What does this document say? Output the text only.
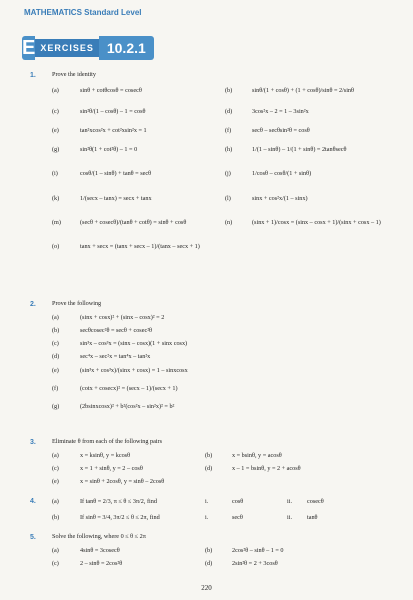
MATHEMATICS Standard Level
E XERCISES 10.2.1
1.	Prove the identity
(a)	sinθ + cotθcosθ = cosecθ	(b)	sinθ/(1 + cosθ) + (1 + cosθ)/sinθ = 2/sinθ
(c)	sin²θ/(1 – cosθ) – 1 = cosθ	(d)	3cos²x – 2 = 1 – 3sin²x
(e)	tan²xcos²x + cot²xsin²x = 1	(f)	secθ – secθsin²θ = cosθ
(g)	sin²θ(1 + cot²θ) – 1 = 0	(h)	1/(1 – sinθ) – 1/(1 + sinθ) = 2tanθsecθ
(i)	cosθ/(1 – sinθ) + tanθ = secθ	(j)	1/cosθ – cosθ/(1 + sinθ)
(k)	1/(secx – tanx) = secx + tanx	(l)	sinx + cos²x/(1 – sinx)
(m)	(secθ + cosecθ)/(tanθ + cotθ) = sinθ + cosθ	(n)	(sinx + 1)/cosx = (sinx – cosx + 1)/(sinx + cosx – 1)
(o)	tanx + secx = (tanx + secx – 1)/(tanx – secx + 1)
2.	Prove the following
(a)	(sinx + cosx)² + (sinx – cosx)² = 2
(b)	secθcosec²θ = secθ + cosec²θ
(c)	sin³x – cos³x = (sinx – cosx)(1 + sinx cosx)
(d)	sec⁴x – sec²x = tan⁴x – tan²x
(e)	(sin³x + cos³x)/(sinx + cosx) = 1 – sinxcosx
(f)	(cotx + cosecx)² = (secx – 1)/(secx + 1)
(g)	(2bsinxcosx)² + b²(cos²x – sin²x)² = b²
3.	Eliminate θ from each of the following pairs
(a)	x = ksinθ, y = kcosθ	(b)	x = bsinθ, y = acosθ
(c)	x = 1 + sinθ, y = 2 – cosθ	(d)	x – 1 = bsinθ, y = 2 + acosθ
(e)	x = sinθ + 2cosθ, y = sinθ – 2cosθ
4.	(a)	If tanθ = 2/3, π ≤ θ ≤ 3π/2, find	i.	cosθ	ii. cosecθ
(b)	If sinθ = 3/4, 3π/2 ≤ θ ≤ 2π, find	i.	secθ	ii. tanθ
5.	Solve the following, where 0 ≤ θ ≤ 2π
(a)	4sinθ = 3cosecθ	(b)	2cos²θ – sinθ – 1 = 0
(c)	2 – sinθ = 2cos²θ	(d)	2sin²θ = 2 + 3cosθ
220
